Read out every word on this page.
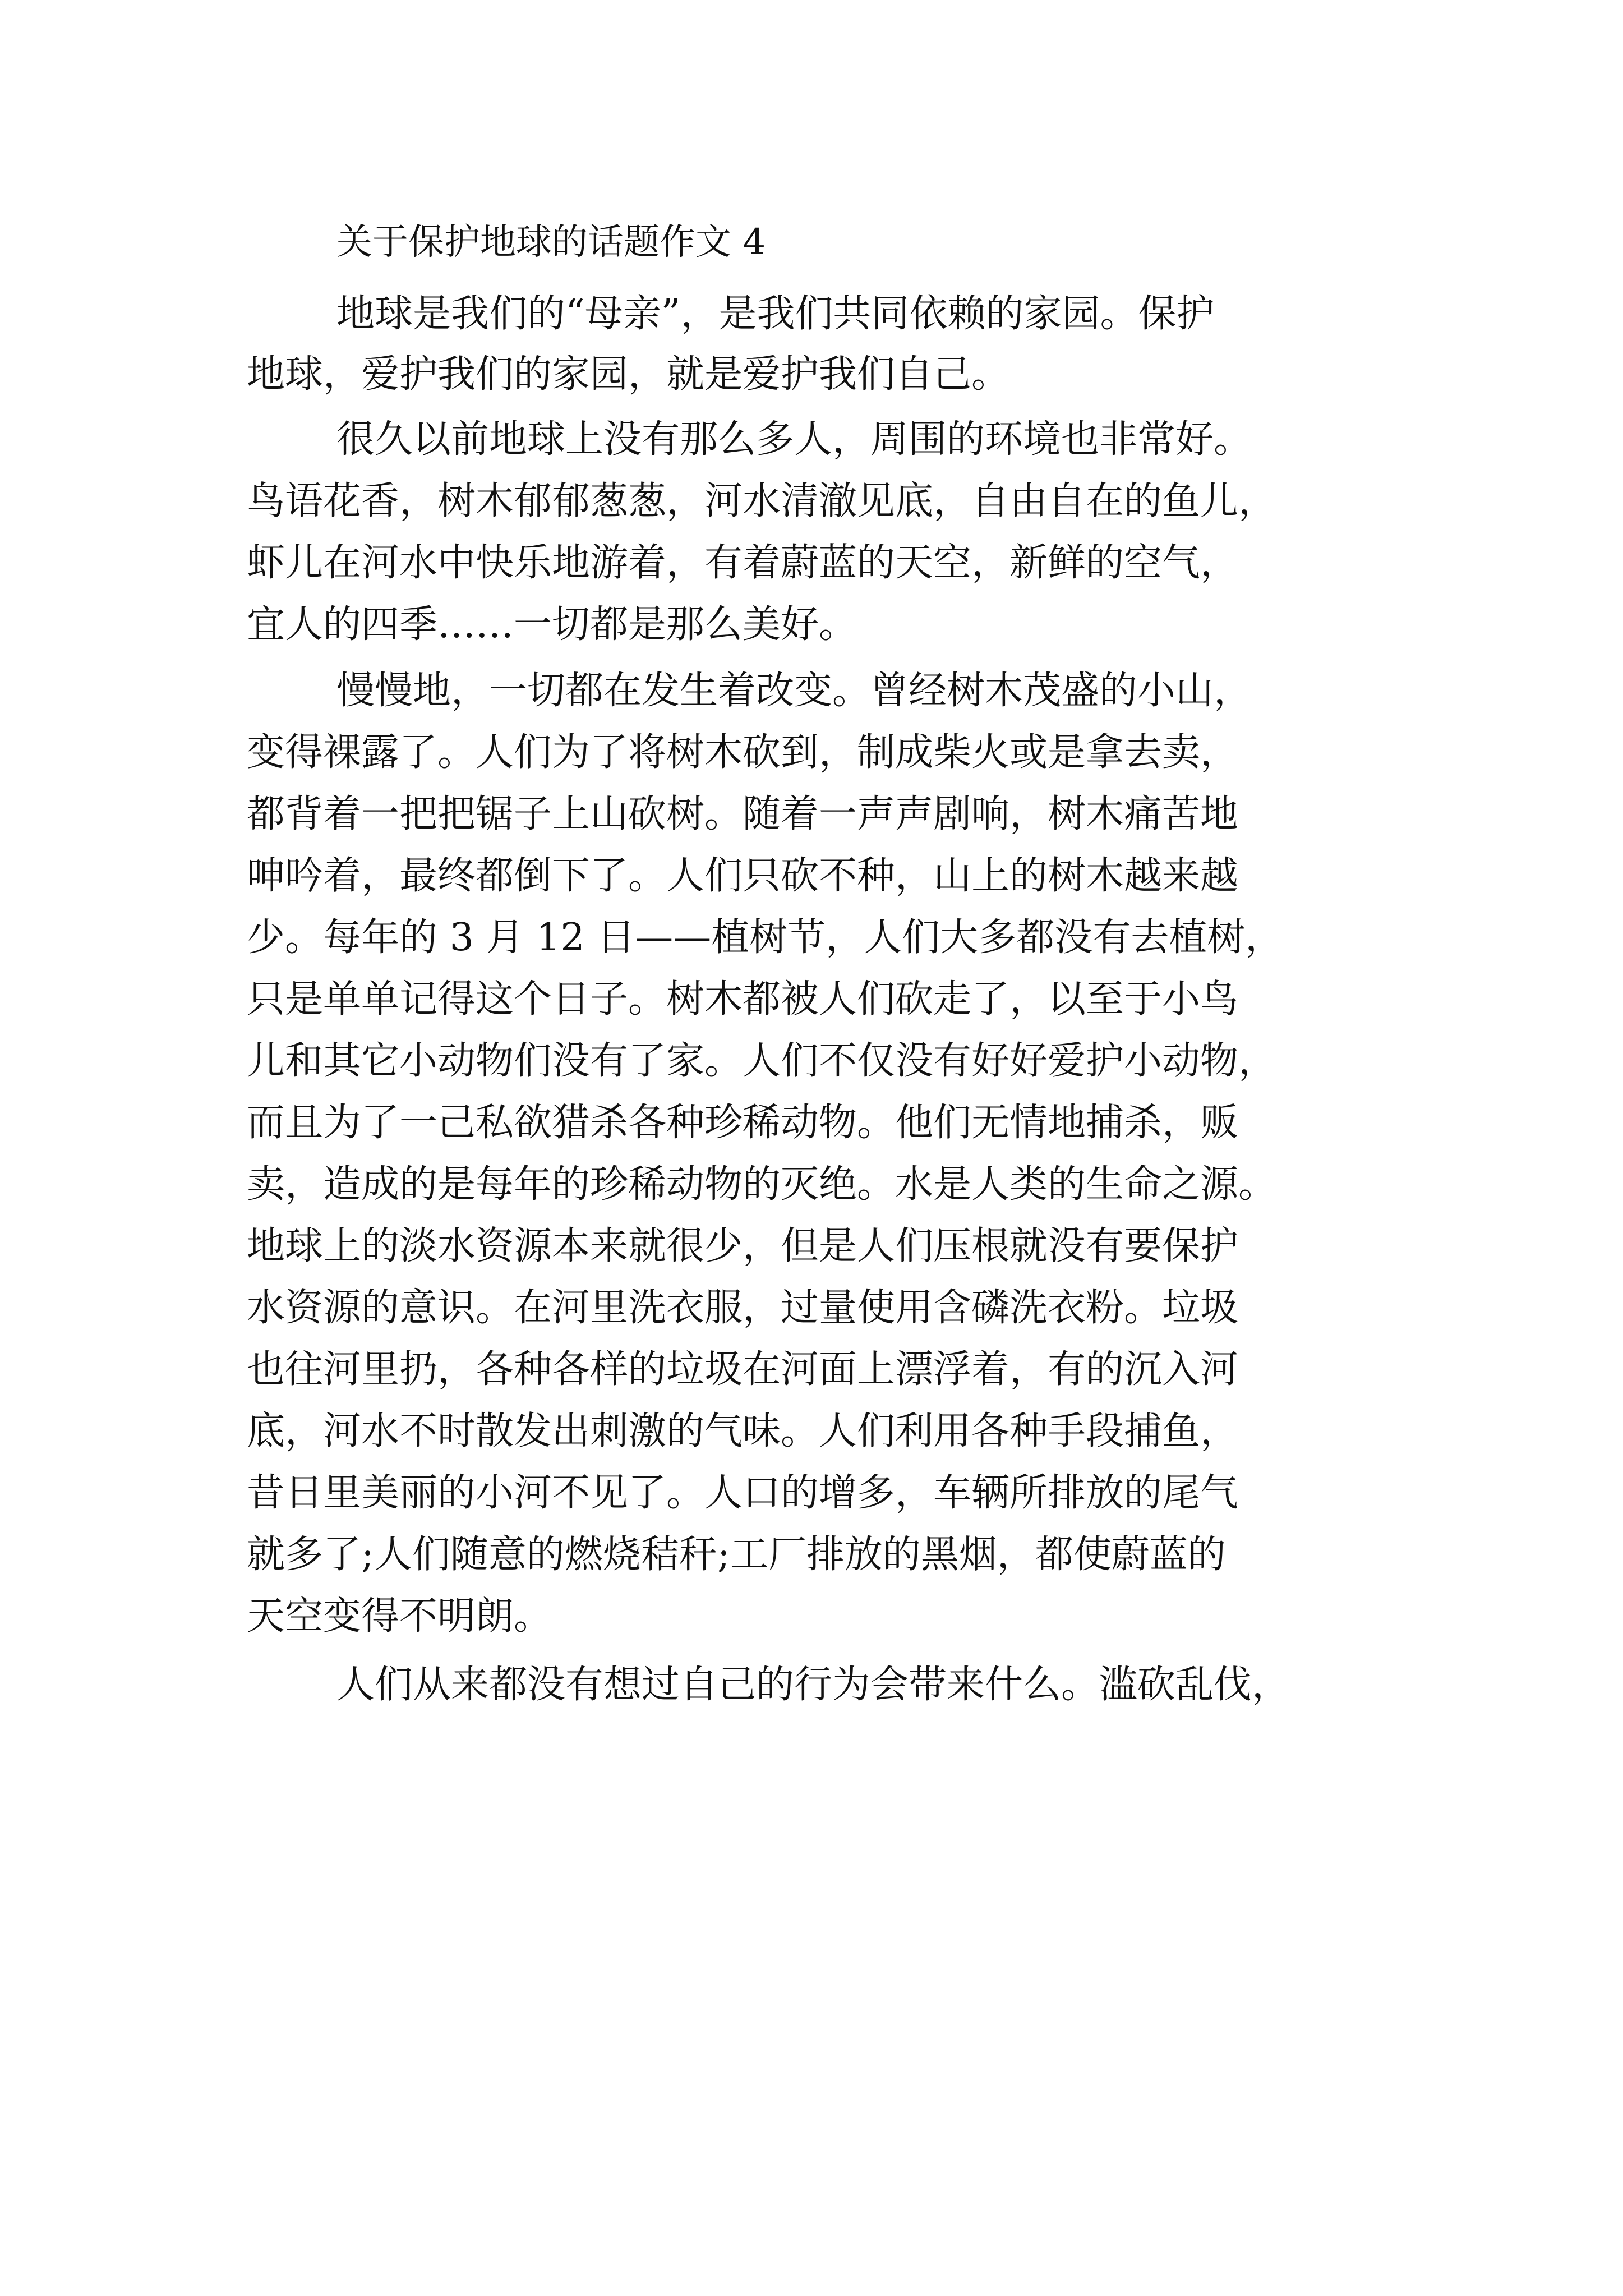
关于保护地球的话题作文 4

地球是我们的“母亲”，是我们共同依赖的家园。保护

地球，爱护我们的家园，就是爱护我们自己。

很久以前地球上没有那么多人，周围的环境也非常好。

鸟语花香，树木郁郁葱葱，河水清澈见底，自由自在的鱼儿，

虾儿在河水中快乐地游着，有着蔚蓝的天空，新鲜的空气，

宜人的四季……一切都是那么美好。

慢慢地，一切都在发生着改变。曾经树木茂盛的小山，

变得裸露了。人们为了将树木砍到，制成柴火或是拿去卖，

都背着一把把锯子上山砍树。随着一声声剧响，树木痛苦地

呻吟着，最终都倒下了。人们只砍不种，山上的树木越来越

少。每年的 3 月 12 日——植树节，人们大多都没有去植树，

只是单单记得这个日子。树木都被人们砍走了，以至于小鸟

儿和其它小动物们没有了家。人们不仅没有好好爱护小动物，

而且为了一己私欲猎杀各种珍稀动物。他们无情地捕杀，贩

卖，造成的是每年的珍稀动物的灭绝。水是人类的生命之源。

地球上的淡水资源本来就很少，但是人们压根就没有要保护

水资源的意识。在河里洗衣服，过量使用含磷洗衣粉。垃圾

也往河里扔，各种各样的垃圾在河面上漂浮着，有的沉入河

底，河水不时散发出刺激的气味。人们利用各种手段捕鱼，

昔日里美丽的小河不见了。人口的增多，车辆所排放的尾气

就多了;人们随意的燃烧秸秆;工厂排放的黑烟，都使蔚蓝的

天空变得不明朗。

人们从来都没有想过自己的行为会带来什么。滥砍乱伐，
